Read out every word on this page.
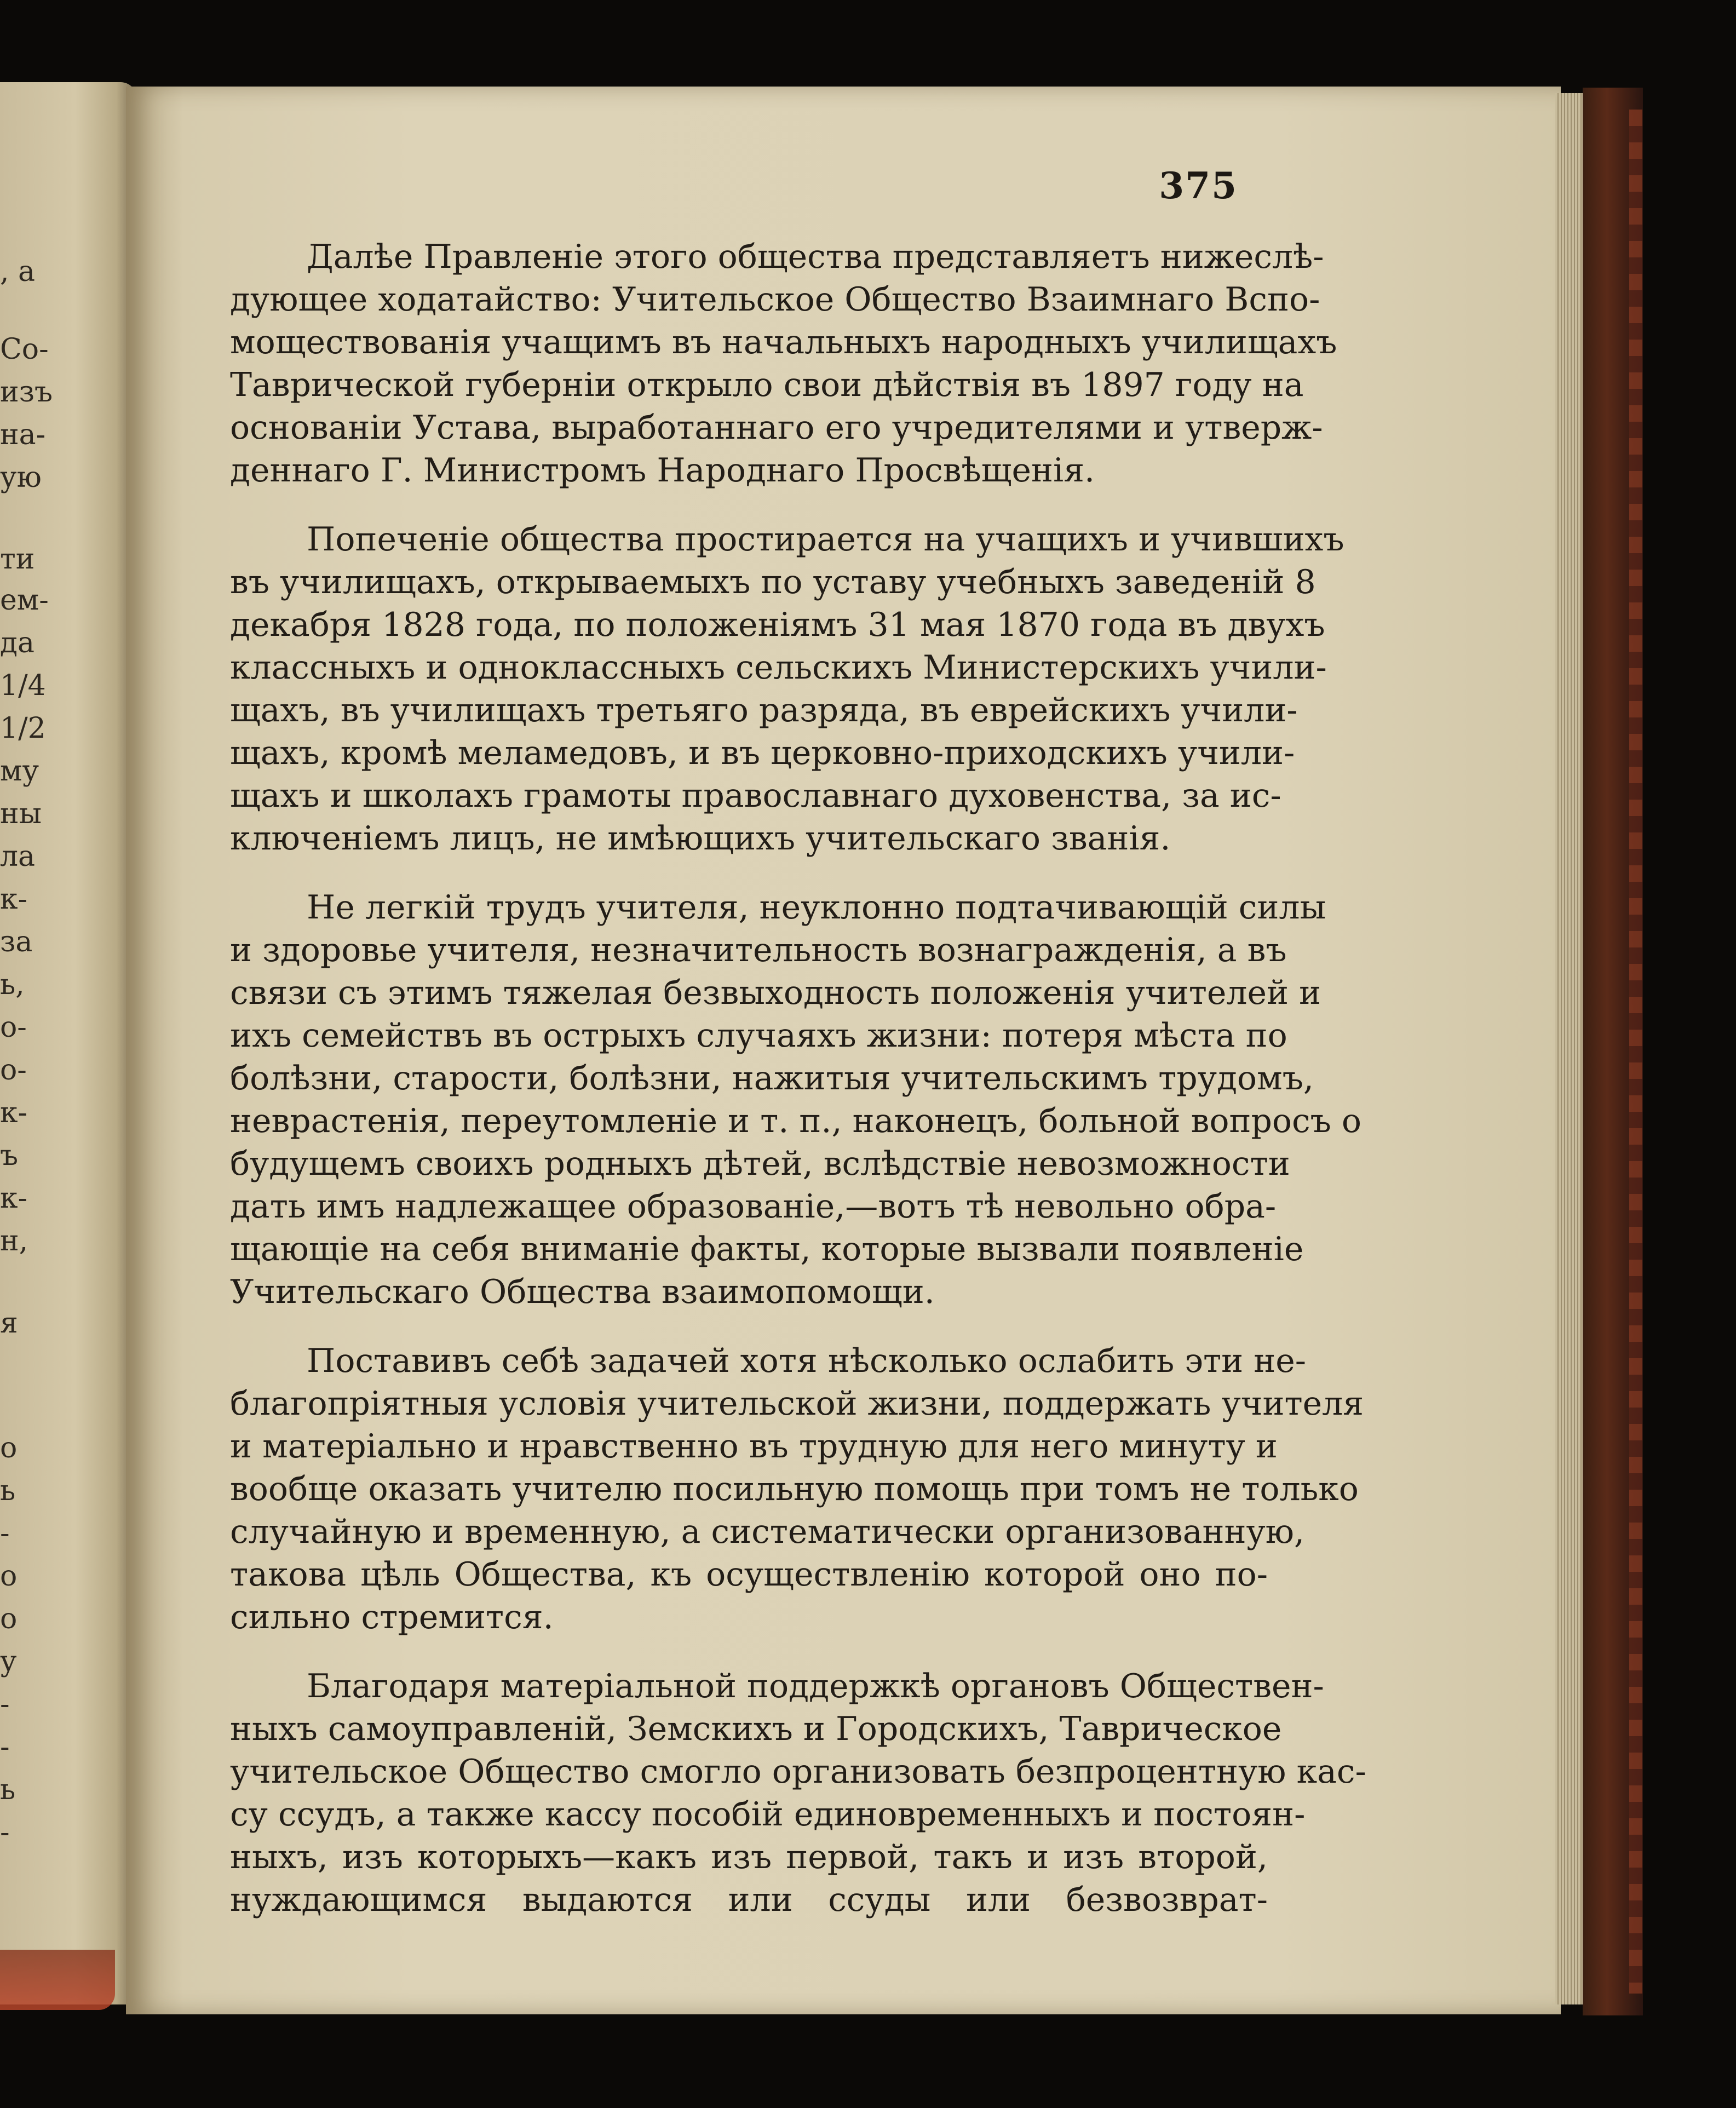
, a
Со-
изъ
на-
ую
ти
ем-
да
1/4
1/2
му
ны
ла
к-
за
ь,
о-
о-
к-
ъ
к-
н,
я
о
ь
-
о
о
у
-
-
ь
-
375

Далѣе Правленіе этого общества представляетъ нижеслѣ-
дующее ходатайство: Учительское Общество Взаимнаго Вспо-
моществованія учащимъ въ начальныхъ народныхъ училищахъ
Таврической губерніи открыло свои дѣйствія въ 1897 году на
основаніи Устава, выработаннаго его учредителями и утверж-
деннаго Г. Министромъ Народнаго Просвѣщенія.

Попеченіе общества простирается на учащихъ и учившихъ
въ училищахъ, открываемыхъ по уставу учебныхъ заведеній 8
декабря 1828 года, по положеніямъ 31 мая 1870 года въ двухъ
классныхъ и одноклассныхъ сельскихъ Министерскихъ учили-
щахъ, въ училищахъ третьяго разряда, въ еврейскихъ учили-
щахъ, кромѣ меламедовъ, и въ церковно-приходскихъ учили-
щахъ и школахъ грамоты православнаго духовенства, за ис-
ключеніемъ лицъ, не имѣющихъ учительскаго званія.

Не легкій трудъ учителя, неуклонно подтачивающій силы
и здоровье учителя, незначительность вознагражденія, а въ
связи съ этимъ тяжелая безвыходность положенія учителей и
ихъ семействъ въ острыхъ случаяхъ жизни: потеря мѣста по
болѣзни, старости, болѣзни, нажитыя учительскимъ трудомъ,
неврастенія, переутомленіе и т. п., наконецъ, больной вопросъ о
будущемъ своихъ родныхъ дѣтей, вслѣдствіе невозможности
дать имъ надлежащее образованіе,—вотъ тѣ невольно обра-
щающіе на себя вниманіе факты, которые вызвали появленіе
Учительскаго Общества взаимопомощи.

Поставивъ себѣ задачей хотя нѣсколько ослабить эти не-
благопріятныя условія учительской жизни, поддержать учителя
и матеріально и нравственно въ трудную для него минуту и
вообще оказать учителю посильную помощь при томъ не только
случайную и временную, а систематически организованную,
такова цѣль Общества, къ осуществленію которой оно по-
сильно стремится.

Благодаря матеріальной поддержкѣ органовъ Обществен-
ныхъ самоуправленій, Земскихъ и Городскихъ, Таврическое
учительское Общество смогло организовать безпроцентную кас-
су ссудъ, а также кассу пособій единовременныхъ и постоян-
ныхъ, изъ которыхъ—какъ изъ первой, такъ и изъ второй,
нуждающимся выдаются или ссуды или безвозврат-
